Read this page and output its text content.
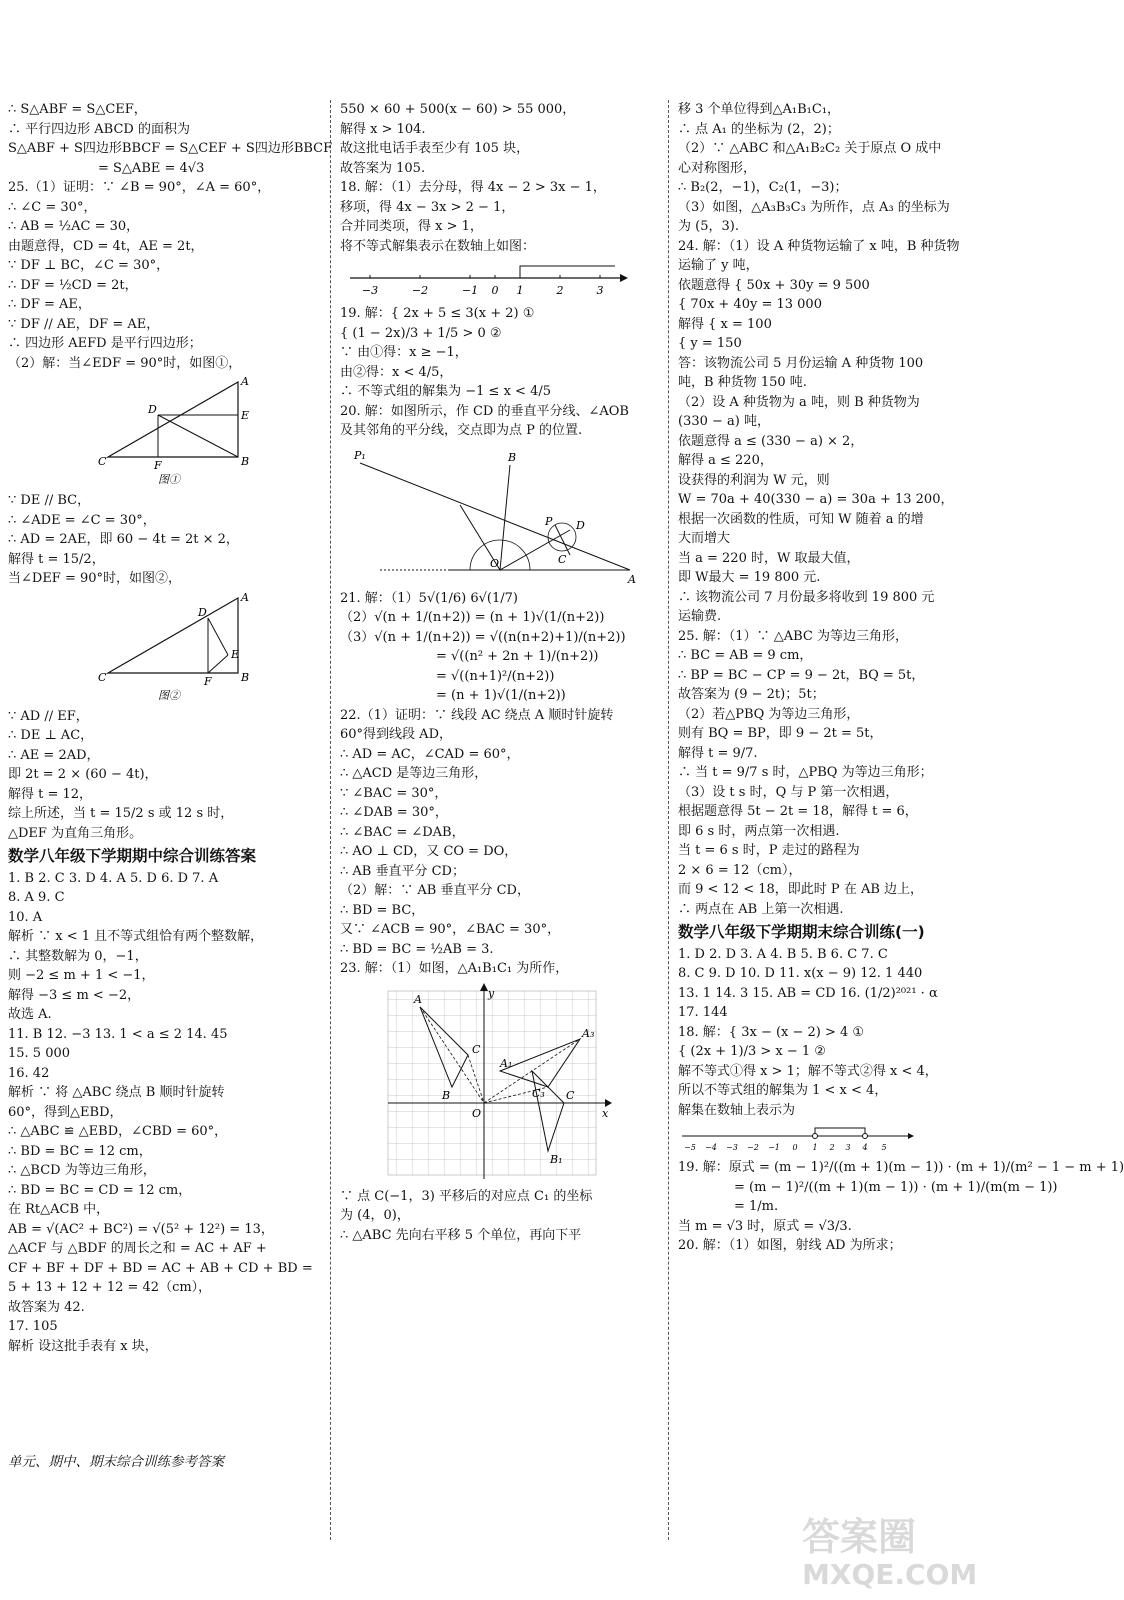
∴ S△ABF = S△CEF，
∴ 平行四边形 ABCD 的面积为
S△ABF + S四边形BBCF = S△CEF + S四边形BBCF
= S△ABE = 4√3
25.（1）证明：∵ ∠B = 90°，∠A = 60°，
∴ ∠C = 30°，
∴ AB = ½AC = 30，
由题意得，CD = 4t，AE = 2t，
∵ DF ⊥ BC，∠C = 30°，
∴ DF = ½CD = 2t，
∴ DF = AE，
∵ DF // AE，DF = AE，
∴ 四边形 AEFD 是平行四边形；
（2）解：当∠EDF = 90°时，如图①，
A
D	E
C	F	B
图①
∵ DE // BC，
∴ ∠ADE = ∠C = 30°，
∴ AD = 2AE，即 60 − 4t = 2t × 2，
解得 t = 15/2，
当∠DEF = 90°时，如图②，
A
D
E
C	F	B
图②
∵ AD // EF，
∴ DE ⊥ AC，
∴ AE = 2AD，
即 2t = 2 × (60 − 4t)，
解得 t = 12，
综上所述，当 t = 15/2 s 或 12 s 时，
△DEF 为直角三角形。
数学八年级下学期期中综合训练答案
1. B 2. C 3. D 4. A 5. D 6. D 7. A
8. A 9. C
10. A
解析 ∵ x < 1 且不等式组恰有两个整数解，
∴ 其整数解为 0，−1，
则 −2 ≤ m + 1 < −1，
解得 −3 ≤ m < −2，
故选 A.
11. B 12. −3 13. 1 < a ≤ 2 14. 45
15. 5 000
16. 42
解析 ∵ 将 △ABC 绕点 B 顺时针旋转
60°，得到△EBD，
∴ △ABC ≌ △EBD，∠CBD = 60°，
∴ BD = BC = 12 cm，
∴ △BCD 为等边三角形，
∴ BD = BC = CD = 12 cm，
在 Rt△ACB 中，
AB = √(AC² + BC²) = √(5² + 12²) = 13，
△ACF 与 △BDF 的周长之和 = AC + AF +
CF + BF + DF + BD = AC + AB + CD + BD =
5 + 13 + 12 + 12 = 42（cm），
故答案为 42.
17. 105
解析 设这批手表有 x 块，
550 × 60 + 500(x − 60) > 55 000，
解得 x > 104.
故这批电话手表至少有 105 块，
故答案为 105.
18. 解：（1）去分母，得 4x − 2 > 3x − 1，
移项，得 4x − 3x > 2 − 1，
合并同类项，得 x > 1，
将不等式解集表示在数轴上如图：
−3	−2	−1 0 1	2	3
19. 解：{ 2x + 5 ≤ 3(x + 2) ①
{ (1 − 2x)/3 + 1/5 > 0 ②
∵ 由①得：x ≥ −1，
由②得：x < 4/5，
∴ 不等式组的解集为 −1 ≤ x < 4/5
20. 解：如图所示，作 CD 的垂直平分线、∠AOB
及其邻角的平分线，交点即为点 P 的位置.
P₁	B
P D
O	C
A
21. 解：（1）5√(1/6) 6√(1/7)
（2）√(n + 1/(n+2)) = (n + 1)√(1/(n+2))
（3）√(n + 1/(n+2)) = √((n(n+2)+1)/(n+2))
= √((n² + 2n + 1)/(n+2))
= √((n+1)²/(n+2))
= (n + 1)√(1/(n+2))
22.（1）证明：∵ 线段 AC 绕点 A 顺时针旋转
60°得到线段 AD，
∴ AD = AC，∠CAD = 60°，
∴ △ACD 是等边三角形，
∵ ∠BAC = 30°，
∴ ∠DAB = 30°，
∴ ∠BAC = ∠DAB，
∴ AO ⊥ CD，又 CO = DO，
∴ AB 垂直平分 CD；
（2）解：∵ AB 垂直平分 CD，
∴ BD = BC，
又∵ ∠ACB = 90°，∠BAC = 30°，
∴ BD = BC = ½AB = 3.
23. 解：（1）如图，△A₁B₁C₁ 为所作，
A	y
C
A₁
A₃
B	C₃ C
O	x
B₁
∵ 点 C(−1，3) 平移后的对应点 C₁ 的坐标
为 (4，0)，
∴ △ABC 先向右平移 5 个单位，再向下平
移 3 个单位得到△A₁B₁C₁，
∴ 点 A₁ 的坐标为 (2，2)；
（2）∵ △ABC 和△A₁B₂C₂ 关于原点 O 成中
心对称图形，
∴ B₂(2，−1)，C₂(1，−3)；
（3）如图，△A₃B₃C₃ 为所作，点 A₃ 的坐标为
为 (5，3).
24. 解：（1）设 A 种货物运输了 x 吨，B 种货物
运输了 y 吨，
依题意得 { 50x + 30y = 9 500
{ 70x + 40y = 13 000
解得 { x = 100
{ y = 150
答：该物流公司 5 月份运输 A 种货物 100
吨，B 种货物 150 吨.
（2）设 A 种货物为 a 吨，则 B 种货物为
(330 − a) 吨，
依题意得 a ≤ (330 − a) × 2，
解得 a ≤ 220，
设获得的利润为 W 元，则
W = 70a + 40(330 − a) = 30a + 13 200，
根据一次函数的性质，可知 W 随着 a 的增
大而增大
当 a = 220 时，W 取最大值，
即 W最大 = 19 800 元.
∴ 该物流公司 7 月份最多将收到 19 800 元
运输费.
25. 解：（1）∵ △ABC 为等边三角形，
∴ BC = AB = 9 cm，
∴ BP = BC − CP = 9 − 2t，BQ = 5t，
故答案为 (9 − 2t)；5t；
（2）若△PBQ 为等边三角形，
则有 BQ = BP，即 9 − 2t = 5t，
解得 t = 9/7.
∴ 当 t = 9/7 s 时，△PBQ 为等边三角形；
（3）设 t s 时，Q 与 P 第一次相遇，
根据题意得 5t − 2t = 18，解得 t = 6，
即 6 s 时，两点第一次相遇.
当 t = 6 s 时，P 走过的路程为
2 × 6 = 12（cm），
而 9 < 12 < 18，即此时 P 在 AB 边上，
∴ 两点在 AB 上第一次相遇.
数学八年级下学期期末综合训练(一)
1. D 2. D 3. A 4. B 5. B 6. C 7. C
8. C 9. D 10. D 11. x(x − 9) 12. 1 440
13. 1 14. 3 15. AB = CD 16. (1/2)²⁰²¹ · α
17. 144
18. 解：{ 3x − (x − 2) > 4 ①
{ (2x + 1)/3 > x − 1 ②
解不等式①得 x > 1；解不等式②得 x < 4，
所以不等式组的解集为 1 < x < 4，
解集在数轴上表示为
−5 −4 −3 −2 −1 0 1 2 3 4 5
19. 解：原式 = (m − 1)²/((m + 1)(m − 1)) · (m + 1)/(m² − 1 − m + 1)
= (m − 1)²/((m + 1)(m − 1)) · (m + 1)/(m(m − 1))
= 1/m.
当 m = √3 时，原式 = √3/3.
20. 解：（1）如图，射线 AD 为所求；
单元、期中、期末综合训练参考答案
答案圈
MXQE.COM
